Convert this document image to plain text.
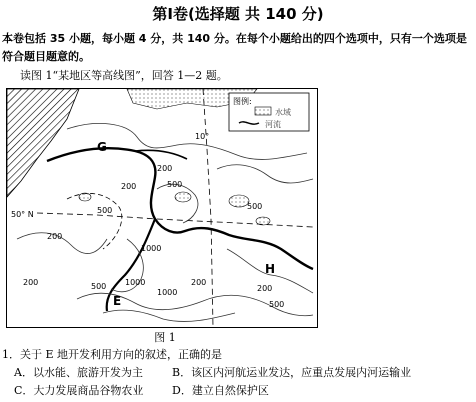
第Ⅰ卷(选择题 共 140 分)
本卷包括 35 小题，每小题 4 分，共 140 分。在每个小题给出的四个选项中，只有一个选项是
符合题目题意的。
读图 1“某地区等高线图”，回答 1—2 题。
图例:
水域
河流
G
E
H
50° N
10°
200
200
200
200	200
200
500
500	500
500
500
1000
1000
1000
图 1
1．关于 E 地开发利用方向的叙述，正确的是
A．以水能、旅游开发为主	B．该区内河航运业发达，应重点发展内河运输业
C．大力发展商品谷物农业	D．建立自然保护区
